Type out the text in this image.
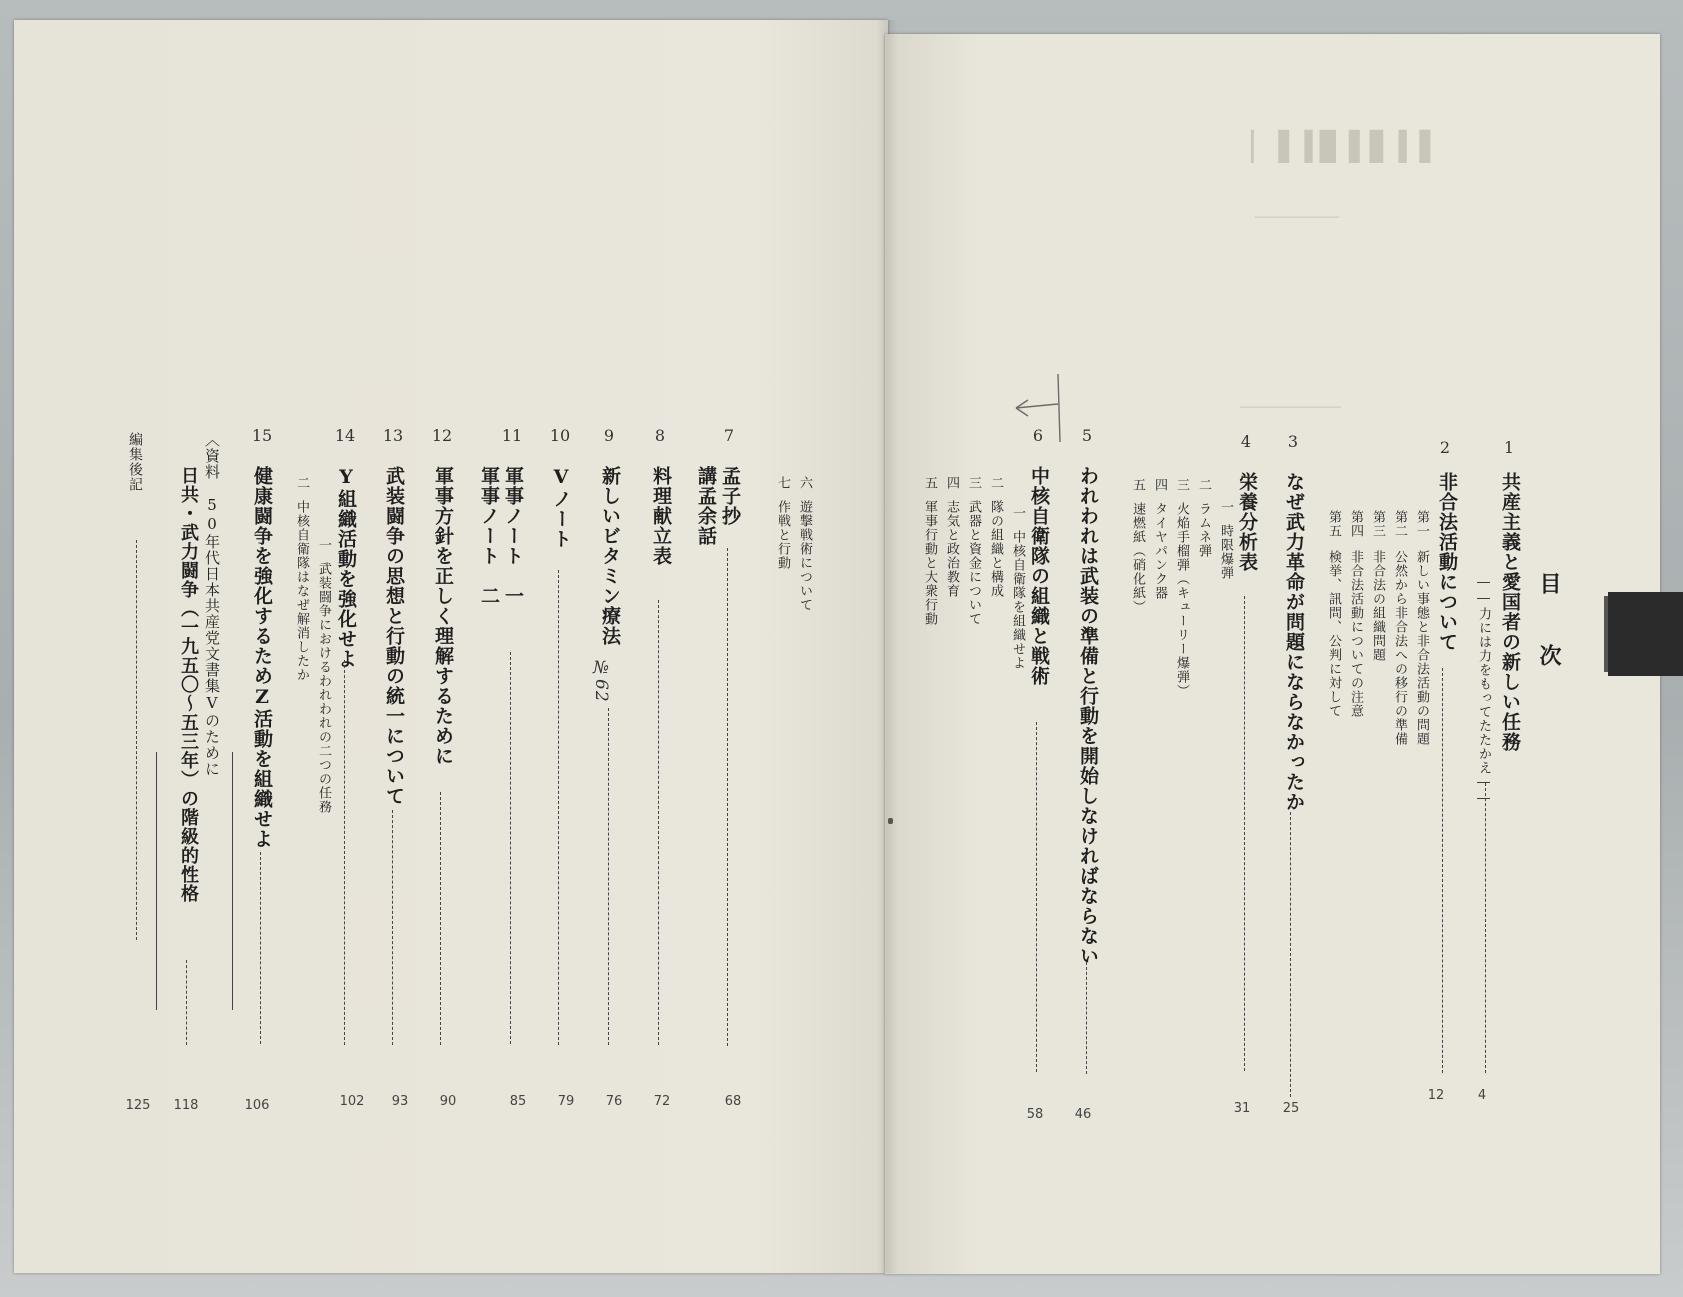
▌▍▋▌▊▍▌ ▏
──────────
────────────
目　次
1
共産主義と愛国者の新しい任務
――力には力をもってたたかえ――
4
2
非合法活動について
第一
新しい事態と非合法活動の問題
第二
公然から非合法への移行の準備
第三
非合法の組織問題
第四
非合法活動についての注意
第五
検挙、訊問、公判に対して
12
3
なぜ武力革命が問題にならなかったか
25
4
栄養分析表
一
時限爆弾
二
ラムネ弾
三
火焔手榴弾（キューリー爆弾）
四
タイヤパンク器
五
速燃紙（硝化紙）
31
5
われわれは武装の準備と行動を開始しなければならない
46
6
中核自衛隊の組織と戦術
一
中核自衛隊を組織せよ
二
隊の組織と構成
三
武器と資金について
四
志気と政治教育
五
軍事行動と大衆行動
58
六
遊撃戦術について
七
作戦と行動
7
孟子抄
講孟余話
68
8
料理献立表
72
9
新しいビタミン療法
№62
76
10
Vノート
79
11
軍事ノート　一
軍事ノート　二
85
12
軍事方針を正しく理解するために
90
13
武装闘争の思想と行動の統一について
93
14
Y組織活動を強化せよ
一
武装闘争におけるわれわれの二つの任務
二
中核自衛隊はなぜ解消したか
102
15
健康闘争を強化するためZ活動を組織せよ
106
〈資料　50年代日本共産党文書集Vのために
日共・武力闘争（一九五〇〜五三年）の階級的性格
118
編集後記
125
